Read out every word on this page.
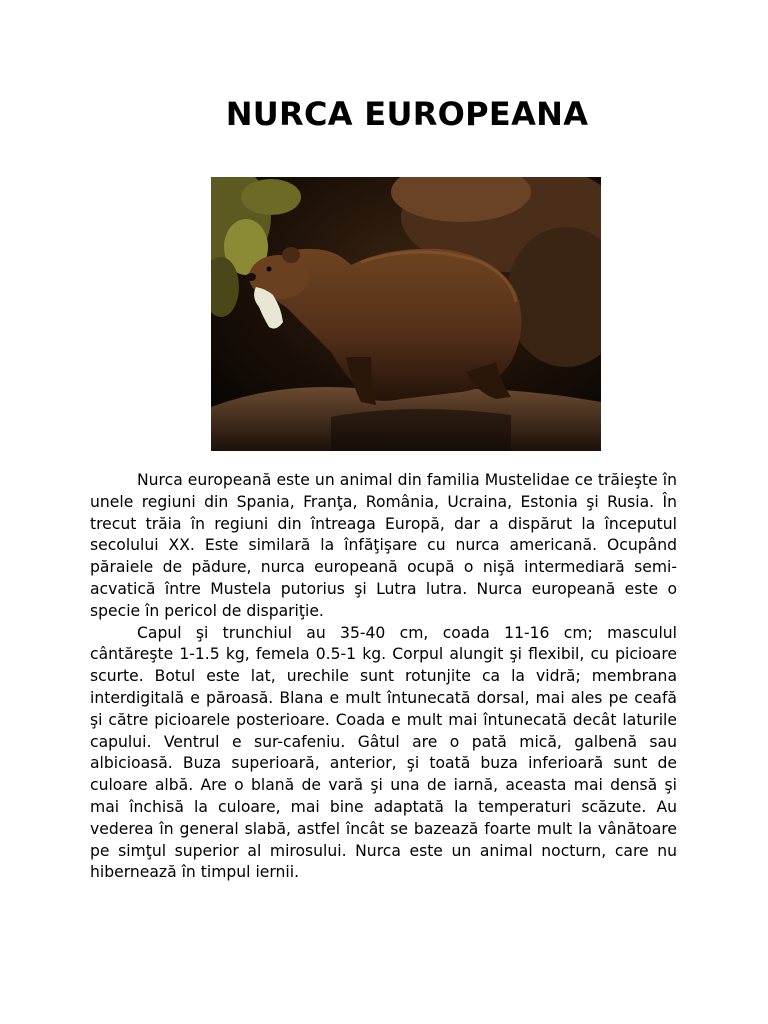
NURCA EUROPEANA

Nurca europeană este un animal din familia Mustelidae ce trăieşte în unele regiuni din Spania, Franţa, România, Ucraina, Estonia şi Rusia. În trecut trăia în regiuni din întreaga Europă, dar a dispărut la începutul secolului XX. Este similară la înfăţişare cu nurca americană. Ocupând păraiele de pădure, nurca europeană ocupă o nişă intermediară semi-acvatică între Mustela putorius şi Lutra lutra. Nurca europeană este o specie în pericol de dispariţie.

Capul şi trunchiul au 35-40 cm, coada 11-16 cm; masculul cântăreşte 1-1.5 kg, femela 0.5-1 kg. Corpul alungit şi flexibil, cu picioare scurte. Botul este lat, urechile sunt rotunjite ca la vidră; membrana interdigitală e păroasă. Blana e mult întunecată dorsal, mai ales pe ceafă şi către picioarele posterioare. Coada e mult mai întunecată decât laturile capului. Ventrul e sur-cafeniu. Gâtul are o pată mică, galbenă sau albicioasă. Buza superioară, anterior, şi toată buza inferioară sunt de culoare albă. Are o blană de vară şi una de iarnă, aceasta mai densă şi mai închisă la culoare, mai bine adaptată la temperaturi scăzute. Au vederea în general slabă, astfel încât se bazează foarte mult la vânătoare pe simţul superior al mirosului. Nurca este un animal nocturn, care nu hibernează în timpul iernii.
